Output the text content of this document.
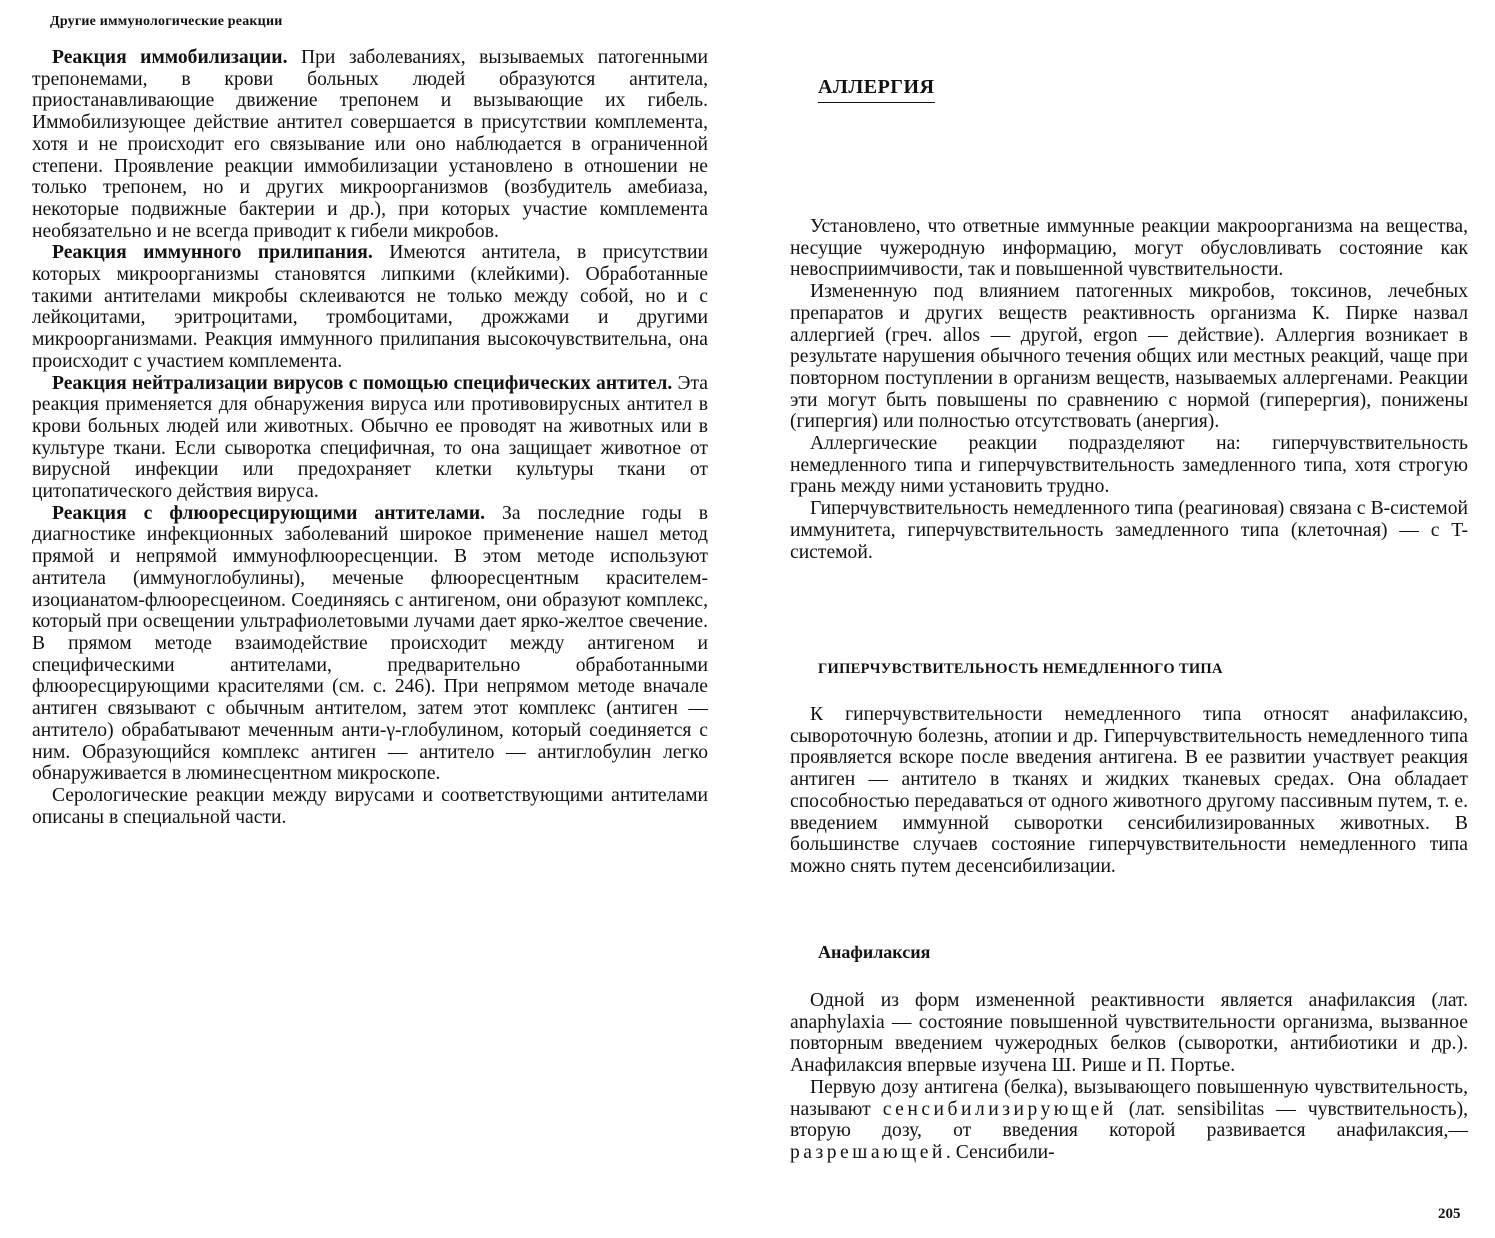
Другие иммунологические реакции

Реакция иммобилизации. При заболеваниях, вызываемых патогенными трепонемами, в крови больных людей образуются антитела, приостанавливающие движение трепонем и вызывающие их гибель. Иммобилизующее действие антител совершается в присутствии комплемента, хотя и не происходит его связывание или оно наблюдается в ограниченной степени. Проявление реакции иммобилизации установлено в отношении не только трепонем, но и других микроорганизмов (возбудитель амебиаза, некоторые подвижные бактерии и др.), при которых участие комплемента необязательно и не всегда приводит к гибели микробов.

Реакция иммунного прилипания. Имеются антитела, в присутствии которых микроорганизмы становятся липкими (клейкими). Обработанные такими антителами микробы склеиваются не только между собой, но и с лейкоцитами, эритроцитами, тромбоцитами, дрожжами и другими микроорганизмами. Реакция иммунного прилипания высокочувствительна, она происходит с участием комплемента.

Реакция нейтрализации вирусов с помощью специфических антител. Эта реакция применяется для обнаружения вируса или противовирусных антител в крови больных людей или животных. Обычно ее проводят на животных или в культуре ткани. Если сыворотка специфичная, то она защищает животное от вирусной инфекции или предохраняет клетки культуры ткани от цитопатического действия вируса.

Реакция с флюоресцирующими антителами. За последние годы в диагностике инфекционных заболеваний широкое применение нашел метод прямой и непрямой иммунофлюоресценции. В этом методе используют антитела (иммуноглобулины), меченые флюоресцентным красителем-изоцианатом-флюоресцеином. Соединяясь с антигеном, они образуют комплекс, который при освещении ультрафиолетовыми лучами дает ярко-желтое свечение. В прямом методе взаимодействие происходит между антигеном и специфическими антителами, предварительно обработанными флюоресцирующими красителями (см. с. 246). При непрямом методе вначале антиген связывают с обычным антителом, затем этот комплекс (антиген — антитело) обрабатывают меченным анти-γ-глобулином, который соединяется с ним. Образующийся комплекс антиген — антитело — антиглобулин легко обнаруживается в люминесцентном микроскопе.

Серологические реакции между вирусами и соответствующими антителами описаны в специальной части.

АЛЛЕРГИЯ

Установлено, что ответные иммунные реакции макроорганизма на вещества, несущие чужеродную информацию, могут обусловливать состояние как невосприимчивости, так и повышенной чувствительности.

Измененную под влиянием патогенных микробов, токсинов, лечебных препаратов и других веществ реактивность организма К. Пирке назвал аллергией (греч. allos — другой, ergon — действие). Аллергия возникает в результате нарушения обычного течения общих или местных реакций, чаще при повторном поступлении в организм веществ, называемых аллергенами. Реакции эти могут быть повышены по сравнению с нормой (гиперергия), понижены (гипергия) или полностью отсутствовать (анергия).

Аллергические реакции подразделяют на: гиперчувствительность немедленного типа и гиперчувствительность замедленного типа, хотя строгую грань между ними установить трудно.

Гиперчувствительность немедленного типа (реагиновая) связана с B-системой иммунитета, гиперчувствительность замедленного типа (клеточная) — с T-системой.

ГИПЕРЧУВСТВИТЕЛЬНОСТЬ НЕМЕДЛЕННОГО ТИПА

К гиперчувствительности немедленного типа относят анафилаксию, сывороточную болезнь, атопии и др. Гиперчувствительность немедленного типа проявляется вскоре после введения антигена. В ее развитии участвует реакция антиген — антитело в тканях и жидких тканевых средах. Она обладает способностью передаваться от одного животного другому пассивным путем, т. е. введением иммунной сыворотки сенсибилизированных животных. В большинстве случаев состояние гиперчувствительности немедленного типа можно снять путем десенсибилизации.

Анафилаксия

Одной из форм измененной реактивности является анафилаксия (лат. anaphylaxia — состояние повышенной чувствительности организма, вызванное повторным введением чужеродных белков (сыворотки, антибиотики и др.). Анафилаксия впервые изучена Ш. Рише и П. Портье.

Первую дозу антигена (белка), вызывающего повышенную чувствительность, называют сенсибилизирующей (лат. sensibilitas — чувствительность), вторую дозу, от введения которой развивается анафилаксия,— разрешающей. Сенсибили-

205
